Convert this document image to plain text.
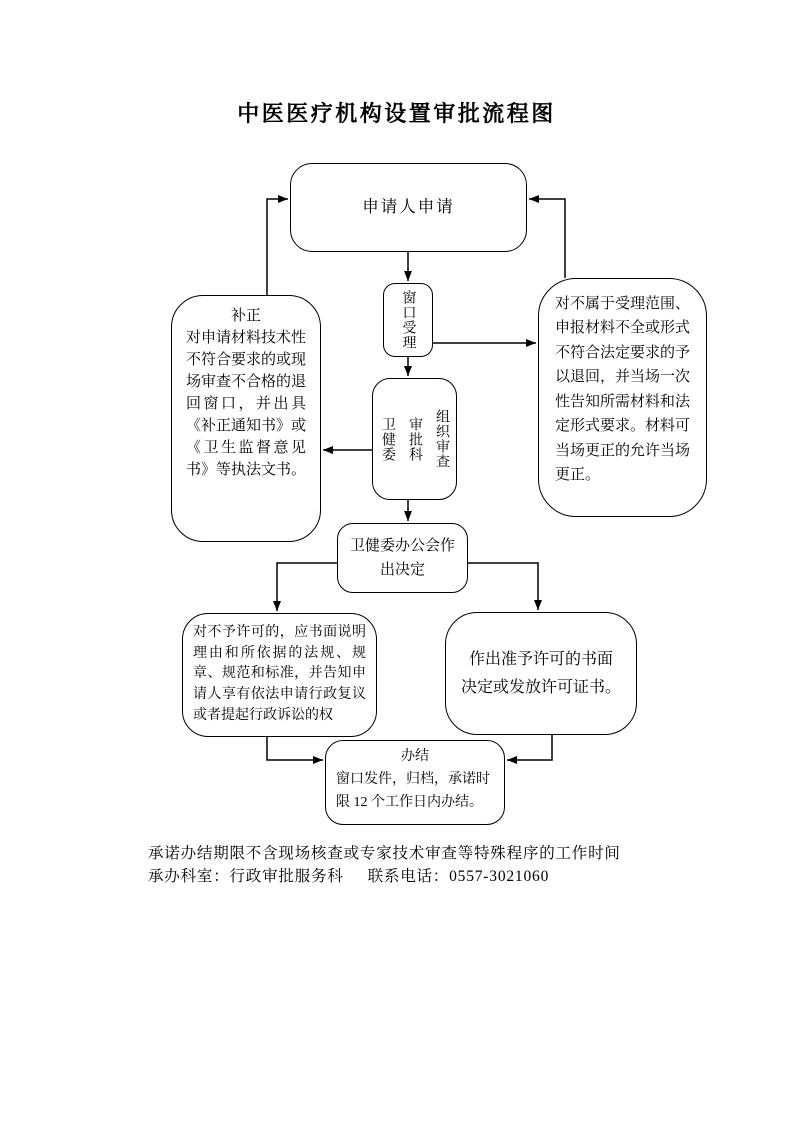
中医医疗机构设置审批流程图
申请人申请
窗口受理
卫健委 审批科 组织审查
补正
对申请材料技术性不符合要求的或现场审查不合格的退回窗口，并出具《补正通知书》或《卫生监督意见书》等执法文书。
对不属于受理范围、申报材料不全或形式不符合法定要求的予以退回，并当场一次性告知所需材料和法定形式要求。材料可当场更正的允许当场更正。
卫健委办公会作出决定
对不予许可的，应书面说明理由和所依据的法规、规章、规范和标准，并告知申请人享有依法申请行政复议或者提起行政诉讼的权
作出准予许可的书面
决定或发放许可证书。
办结
窗口发件，归档，承诺时限 12 个工作日内办结。
承诺办结期限不含现场核查或专家技术审查等特殊程序的工作时间
承办科室：行政审批服务科 联系电话：0557-3021060
